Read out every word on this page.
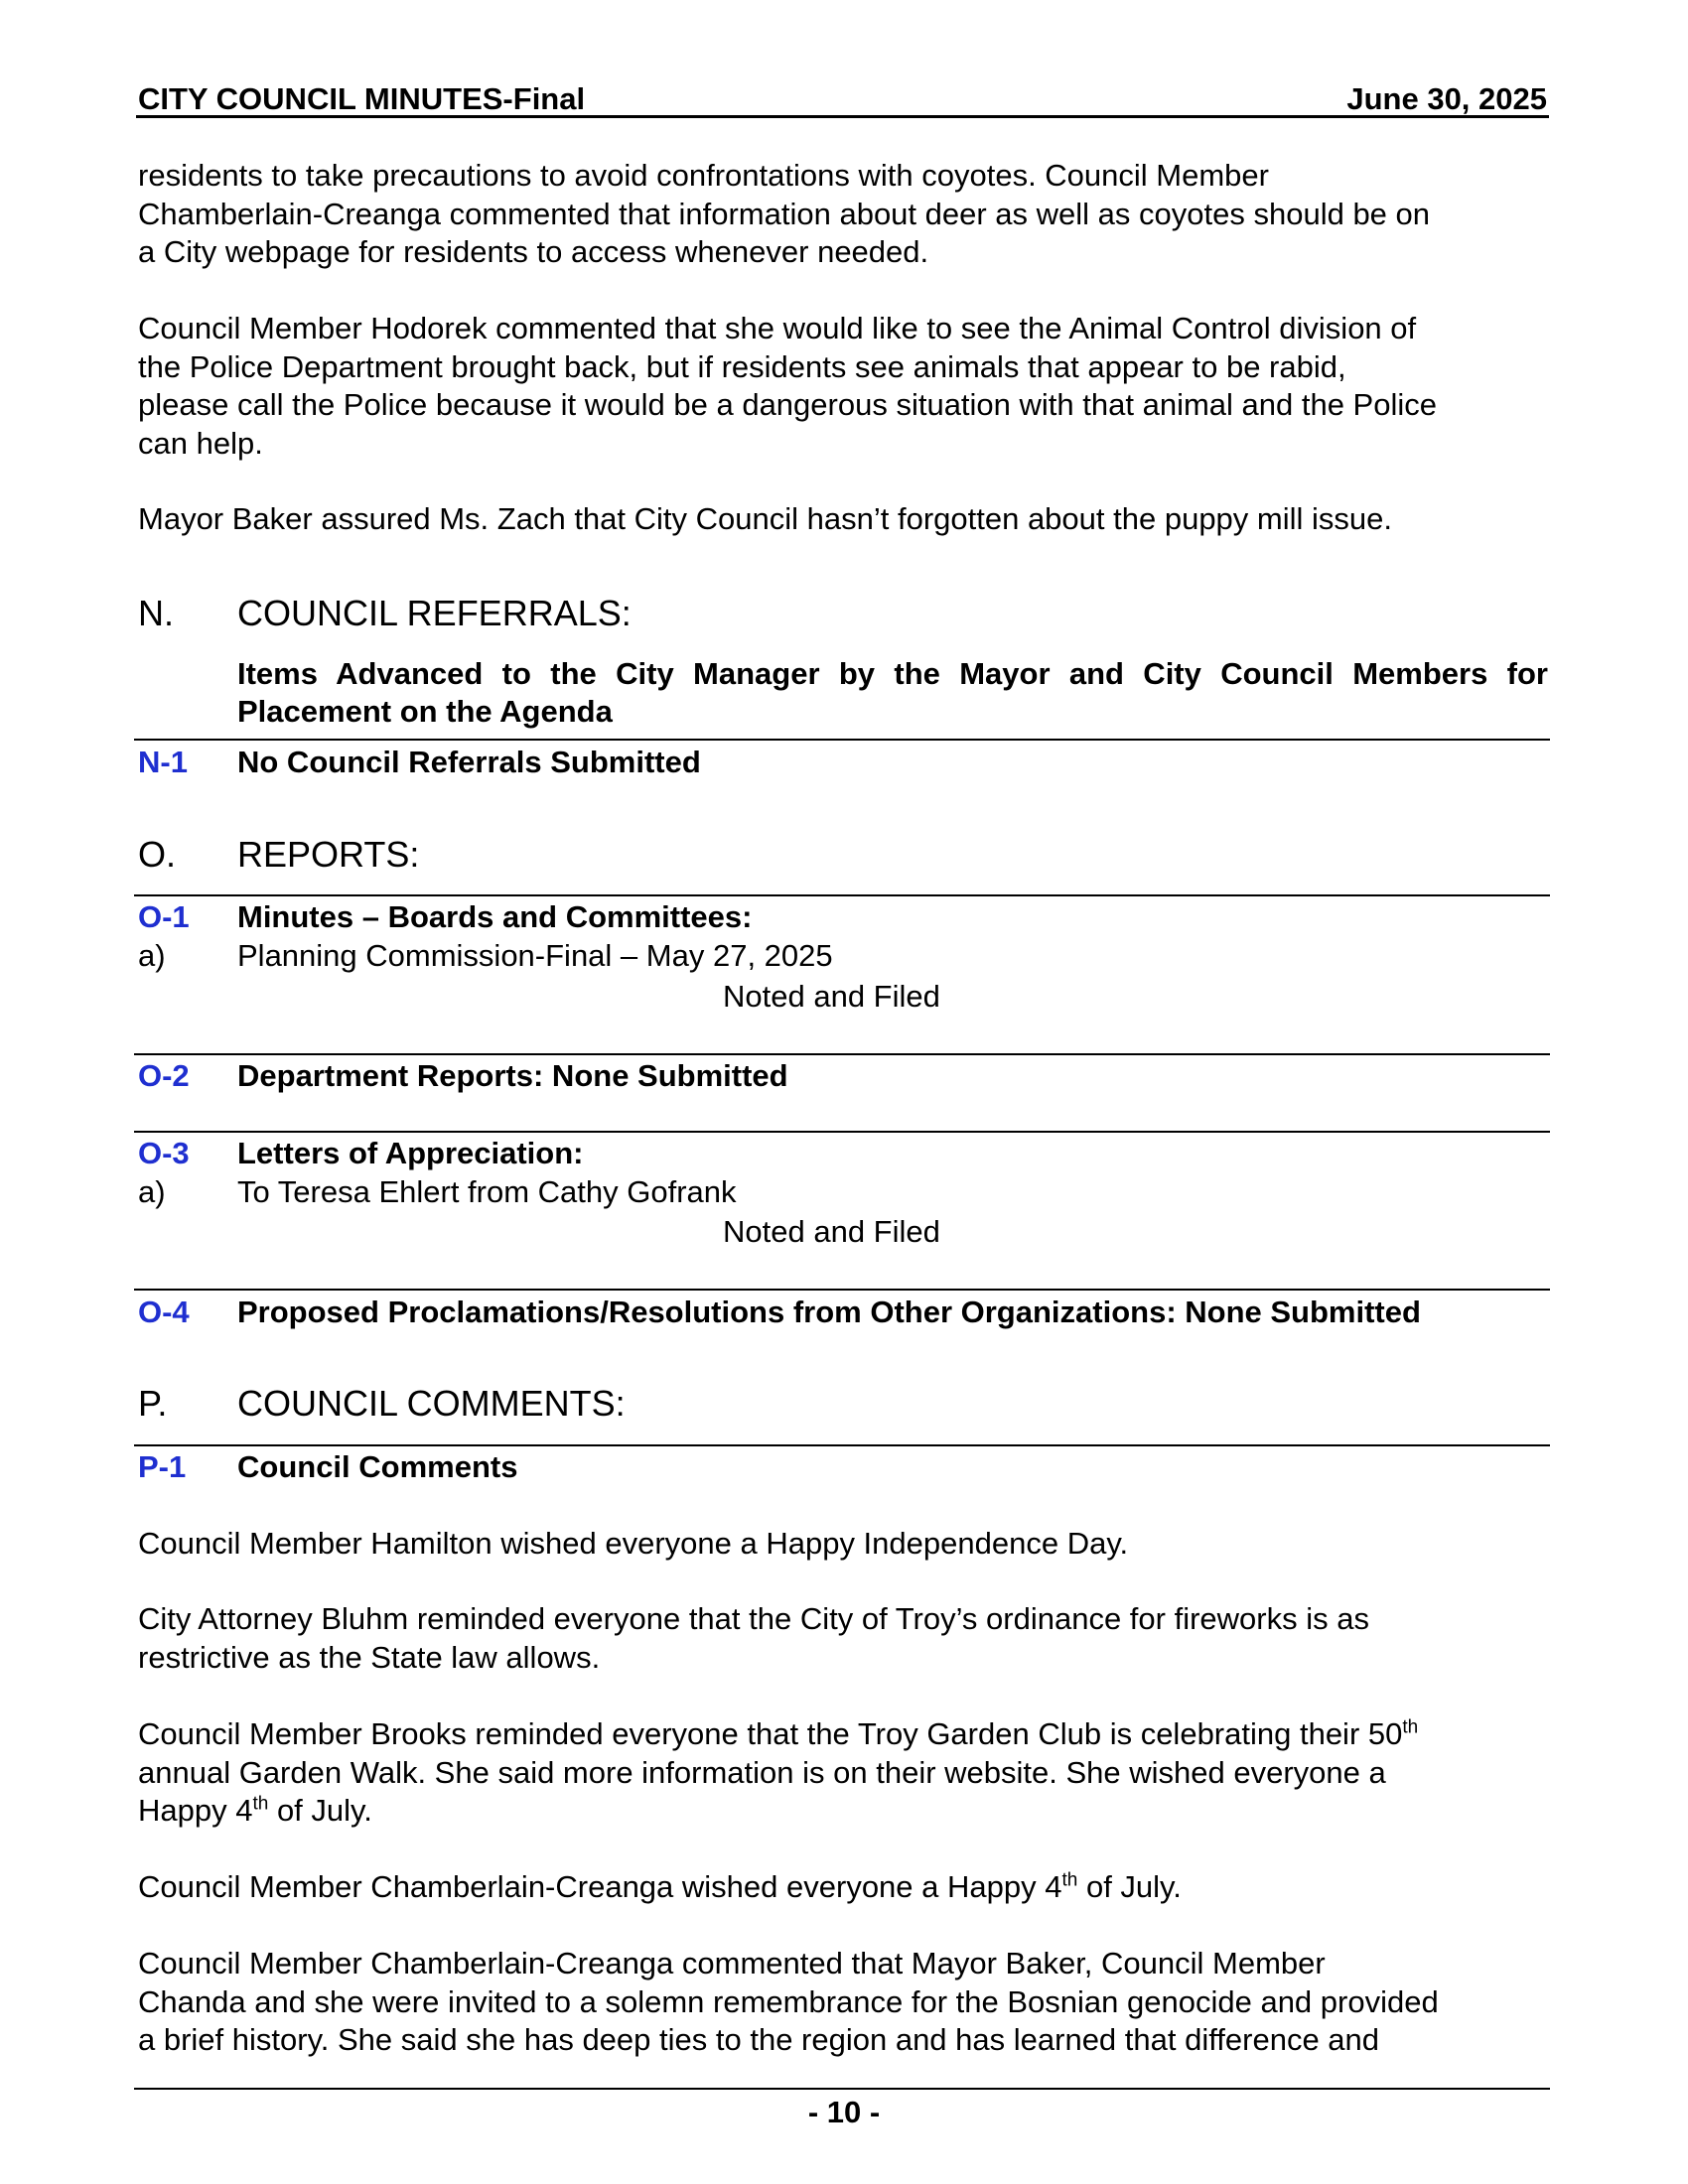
CITY COUNCIL MINUTES-Final	June 30, 2025
residents to take precautions to avoid confrontations with coyotes. Council Member
Chamberlain-Creanga commented that information about deer as well as coyotes should be on
a City webpage for residents to access whenever needed.
Council Member Hodorek commented that she would like to see the Animal Control division of
the Police Department brought back, but if residents see animals that appear to be rabid,
please call the Police because it would be a dangerous situation with that animal and the Police
can help.
Mayor Baker assured Ms. Zach that City Council hasn’t forgotten about the puppy mill issue.
N. COUNCIL REFERRALS:
Items Advanced to the City Manager by the Mayor and City Council Members for Placement on the Agenda
N-1 No Council Referrals Submitted
O. REPORTS:
O-1 Minutes – Boards and Committees:
a) Planning Commission-Final – May 27, 2025
Noted and Filed
O-2 Department Reports: None Submitted
O-3 Letters of Appreciation:
a) To Teresa Ehlert from Cathy Gofrank
Noted and Filed
O-4 Proposed Proclamations/Resolutions from Other Organizations: None Submitted
P. COUNCIL COMMENTS:
P-1 Council Comments
Council Member Hamilton wished everyone a Happy Independence Day.
City Attorney Bluhm reminded everyone that the City of Troy’s ordinance for fireworks is as
restrictive as the State law allows.
Council Member Brooks reminded everyone that the Troy Garden Club is celebrating their 50th
annual Garden Walk. She said more information is on their website. She wished everyone a
Happy 4th of July.
Council Member Chamberlain-Creanga wished everyone a Happy 4th of July.
Council Member Chamberlain-Creanga commented that Mayor Baker, Council Member
Chanda and she were invited to a solemn remembrance for the Bosnian genocide and provided
a brief history. She said she has deep ties to the region and has learned that difference and
- 10 -
